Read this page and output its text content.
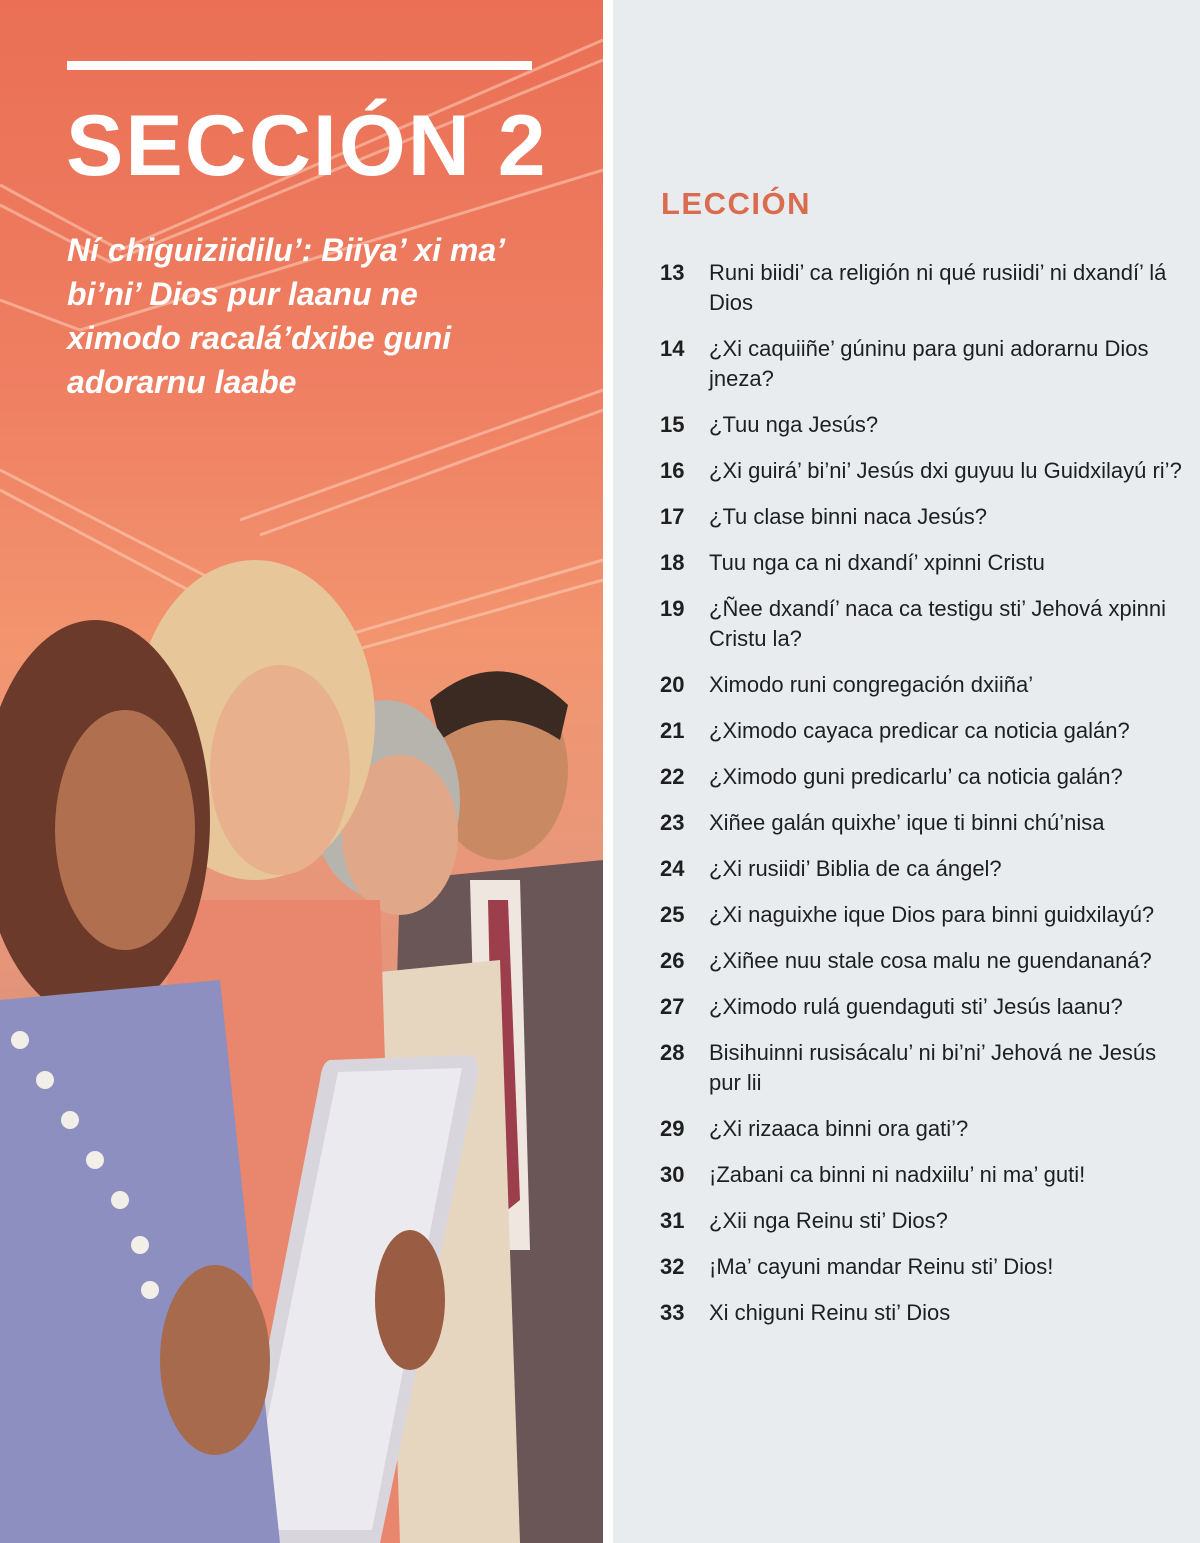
SECCIÓN 2

Ní chiguiziidilu’: Biiya’ xi ma’ bi’ni’ Dios pur laanu ne ximodo racalá’dxibe guni adorarnu laabe

LECCIÓN
13	Runi biidi’ ca religión ni qué rusiidi’ ni dxandí’ lá Dios
14	¿Xi caquiiñe’ gúninu para guni adorarnu Dios jneza?
15	¿Tuu nga Jesús?
16	¿Xi guirá’ bi’ni’ Jesús dxi guyuu lu Guidxilayú ri’?
17	¿Tu clase binni naca Jesús?
18	Tuu nga ca ni dxandí’ xpinni Cristu
19	¿Ñee dxandí’ naca ca testigu sti’ Jehová xpinni Cristu la?
20	Ximodo runi congregación dxiiña’
21	¿Ximodo cayaca predicar ca noticia galán?
22	¿Ximodo guni predicarlu’ ca noticia galán?
23	Xiñee galán quixhe’ ique ti binni chú’nisa
24	¿Xi rusiidi’ Biblia de ca ángel?
25	¿Xi naguixhe ique Dios para binni guidxilayú?
26	¿Xiñee nuu stale cosa malu ne guendananá?
27	¿Ximodo rulá guendaguti sti’ Jesús laanu?
28	Bisihuinni rusisácalu’ ni bi’ni’ Jehová ne Jesús pur lii
29	¿Xi rizaaca binni ora gati’?
30	¡Zabani ca binni ni nadxiilu’ ni ma’ guti!
31	¿Xii nga Reinu sti’ Dios?
32	¡Ma’ cayuni mandar Reinu sti’ Dios!
33	Xi chiguni Reinu sti’ Dios
